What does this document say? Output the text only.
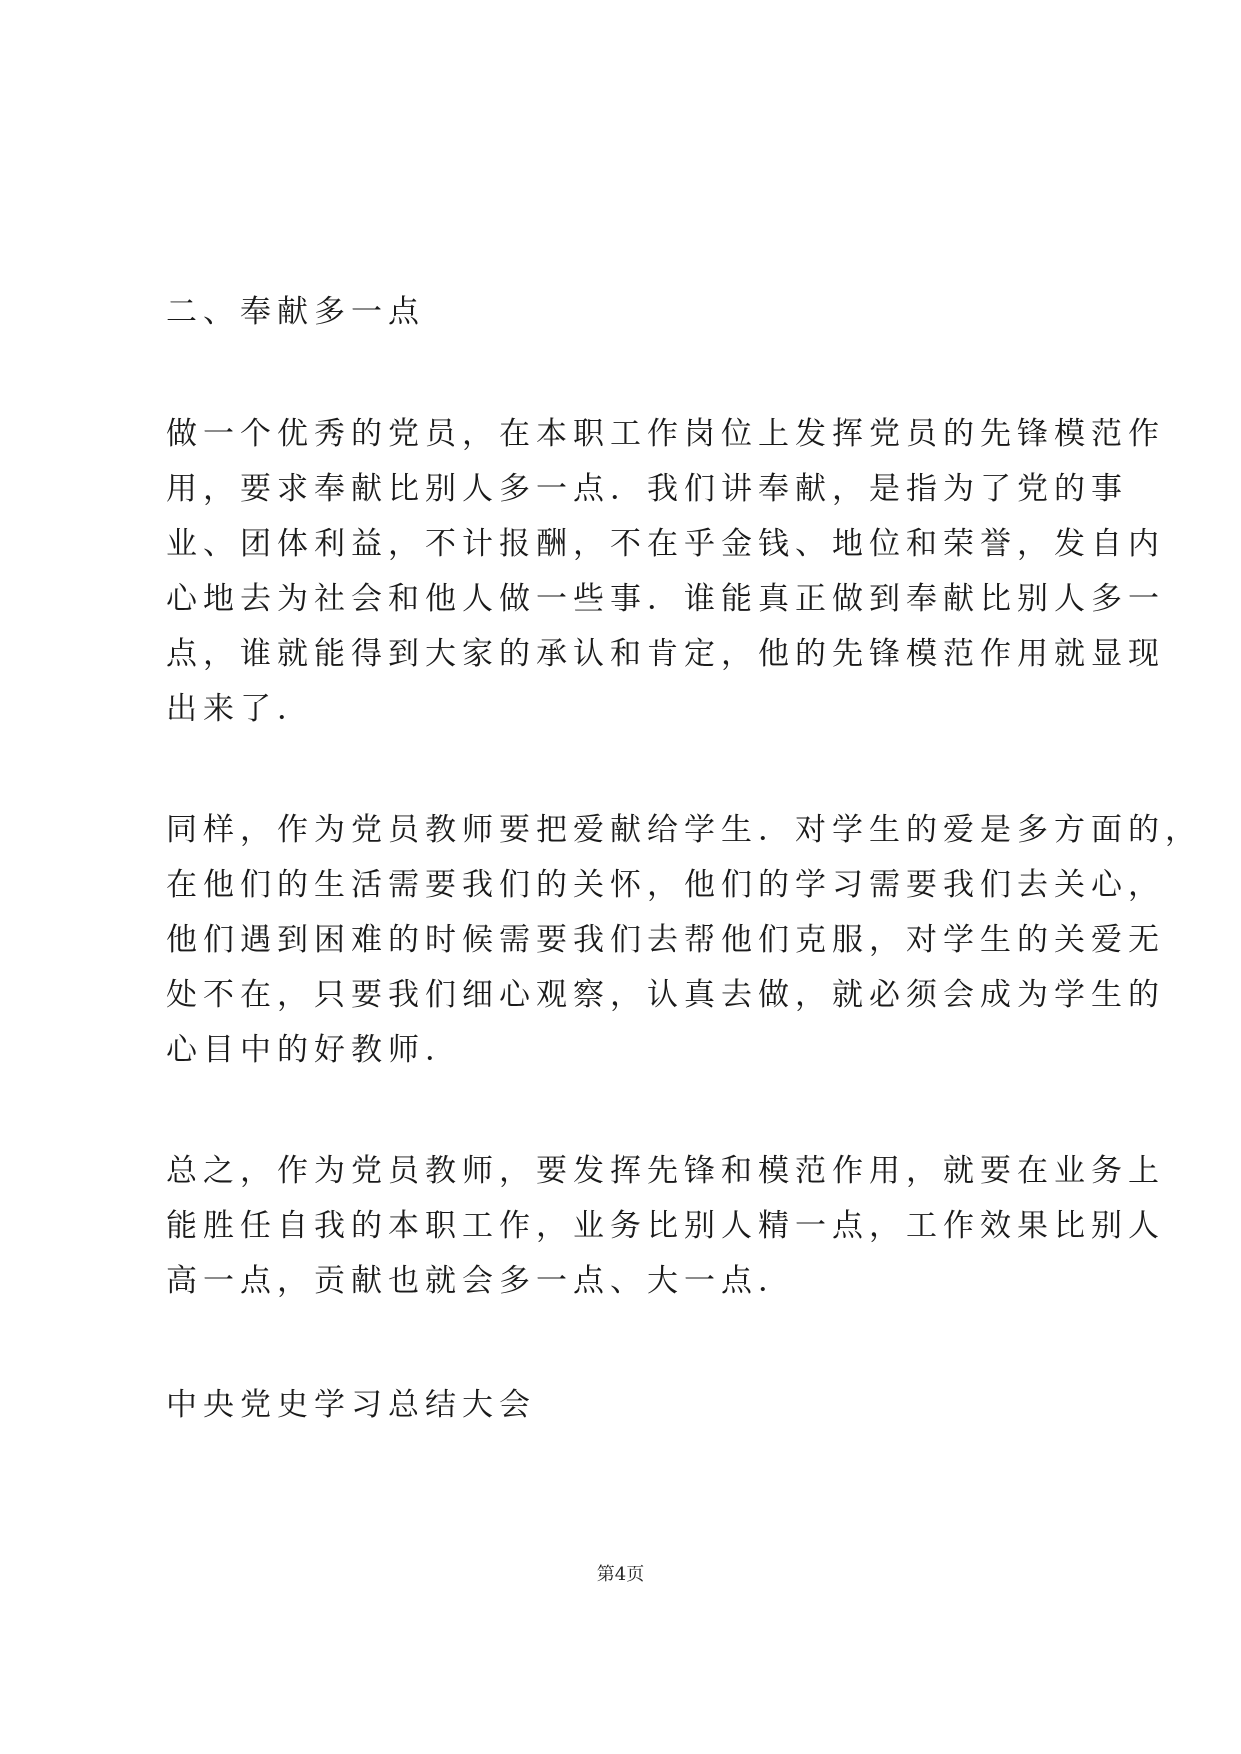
二、奉献多一点
做一个优秀的党员，在本职工作岗位上发挥党员的先锋模范作
用，要求奉献比别人多一点．我们讲奉献，是指为了党的事
业、团体利益，不计报酬，不在乎金钱、地位和荣誉，发自内
心地去为社会和他人做一些事．谁能真正做到奉献比别人多一
点，谁就能得到大家的承认和肯定，他的先锋模范作用就显现
出来了．
同样，作为党员教师要把爱献给学生．对学生的爱是多方面的，
在他们的生活需要我们的关怀，他们的学习需要我们去关心，
他们遇到困难的时候需要我们去帮他们克服，对学生的关爱无
处不在，只要我们细心观察，认真去做，就必须会成为学生的
心目中的好教师．
总之，作为党员教师，要发挥先锋和模范作用，就要在业务上
能胜任自我的本职工作，业务比别人精一点，工作效果比别人
高一点，贡献也就会多一点、大一点．
中央党史学习总结大会
第4页
